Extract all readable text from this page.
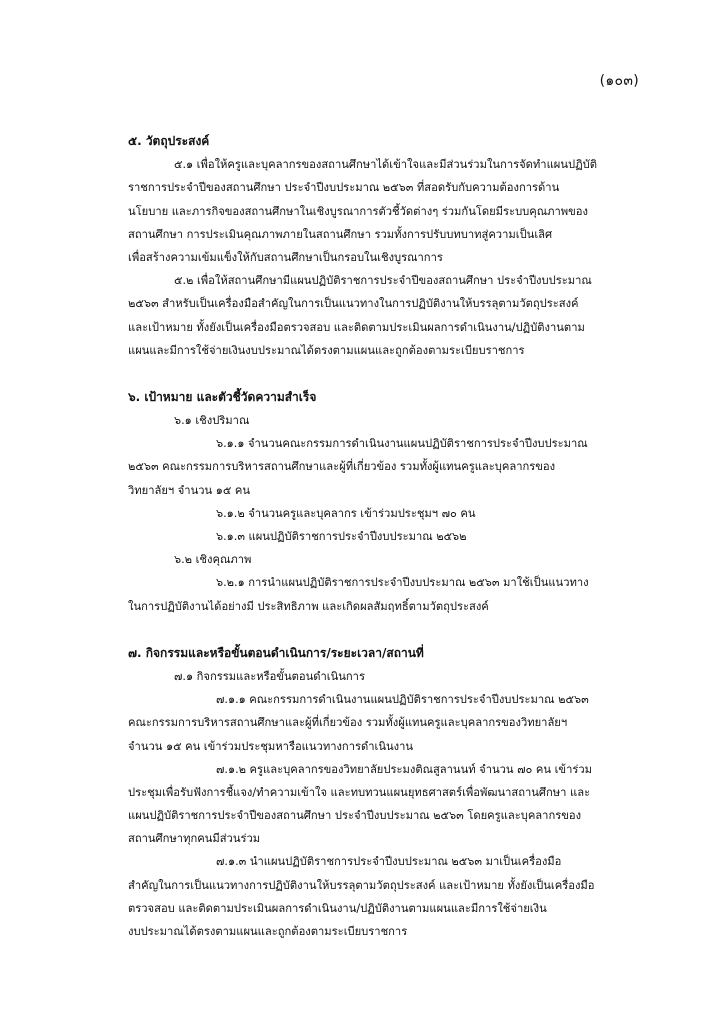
(๑๐๓)
๕. วัตถุประสงค์
๕.๑ เพื่อให้ครูและบุคลากรของสถานศึกษาได้เข้าใจและมีส่วนร่วมในการจัดทำแผนปฏิบัติ
ราชการประจำปีของสถานศึกษา ประจำปีงบประมาณ ๒๕๖๓ ที่สอดรับกับความต้องการด้าน
นโยบาย และภารกิจของสถานศึกษาในเชิงบูรณาการตัวชี้วัดต่างๆ ร่วมกันโดยมีระบบคุณภาพของ
สถานศึกษา การประเมินคุณภาพภายในสถานศึกษา รวมทั้งการปรับบทบาทสู่ความเป็นเลิศ
เพื่อสร้างความเข้มแข็งให้กับสถานศึกษาเป็นกรอบในเชิงบูรณาการ
๕.๒ เพื่อให้สถานศึกษามีแผนปฏิบัติราชการประจำปีของสถานศึกษา ประจำปีงบประมาณ
๒๕๖๓ สำหรับเป็นเครื่องมือสำคัญในการเป็นแนวทางในการปฏิบัติงานให้บรรลุตามวัตถุประสงค์
และเป้าหมาย ทั้งยังเป็นเครื่องมือตรวจสอบ และติดตามประเมินผลการดำเนินงาน/ปฏิบัติงานตาม
แผนและมีการใช้จ่ายเงินงบประมาณได้ตรงตามแผนและถูกต้องตามระเบียบราชการ
๖. เป้าหมาย และตัวชี้วัดความสำเร็จ
๖.๑ เชิงปริมาณ
๖.๑.๑ จำนวนคณะกรรมการดำเนินงานแผนปฏิบัติราชการประจำปีงบประมาณ
๒๕๖๓ คณะกรรมการบริหารสถานศึกษาและผู้ที่เกี่ยวข้อง รวมทั้งผู้แทนครูและบุคลากรของ
วิทยาลัยฯ จำนวน ๑๕ คน
๖.๑.๒ จำนวนครูและบุคลากร เข้าร่วมประชุมฯ ๗๐ คน
๖.๑.๓ แผนปฏิบัติราชการประจำปีงบประมาณ ๒๕๖๒
๖.๒ เชิงคุณภาพ
๖.๒.๑ การนำแผนปฏิบัติราชการประจำปีงบประมาณ ๒๕๖๓ มาใช้เป็นแนวทาง
ในการปฏิบัติงานได้อย่างมี ประสิทธิภาพ และเกิดผลสัมฤทธิ์ตามวัตถุประสงค์
๗. กิจกรรมและหรือขั้นตอนดำเนินการ/ระยะเวลา/สถานที่
๗.๑ กิจกรรมและหรือขั้นตอนดำเนินการ
๗.๑.๑ คณะกรรมการดำเนินงานแผนปฏิบัติราชการประจำปีงบประมาณ ๒๕๖๓
คณะกรรมการบริหารสถานศึกษาและผู้ที่เกี่ยวข้อง รวมทั้งผู้แทนครูและบุคลากรของวิทยาลัยฯ
จำนวน ๑๕ คน เข้าร่วมประชุมหารือแนวทางการดำเนินงาน
๗.๑.๒ ครูและบุคลากรของวิทยาลัยประมงติณสูลานนท์ จำนวน ๗๐ คน เข้าร่วม
ประชุมเพื่อรับฟังการชี้แจง/ทำความเข้าใจ และทบทวนแผนยุทธศาสตร์เพื่อพัฒนาสถานศึกษา และ
แผนปฏิบัติราชการประจำปีของสถานศึกษา ประจำปีงบประมาณ ๒๕๖๓ โดยครูและบุคลากรของ
สถานศึกษาทุกคนมีส่วนร่วม
๗.๑.๓ นำแผนปฏิบัติราชการประจำปีงบประมาณ ๒๕๖๓ มาเป็นเครื่องมือ
สำคัญในการเป็นแนวทางการปฏิบัติงานให้บรรลุตามวัตถุประสงค์ และเป้าหมาย ทั้งยังเป็นเครื่องมือ
ตรวจสอบ และติดตามประเมินผลการดำเนินงาน/ปฏิบัติงานตามแผนและมีการใช้จ่ายเงิน
งบประมาณได้ตรงตามแผนและถูกต้องตามระเบียบราชการ
